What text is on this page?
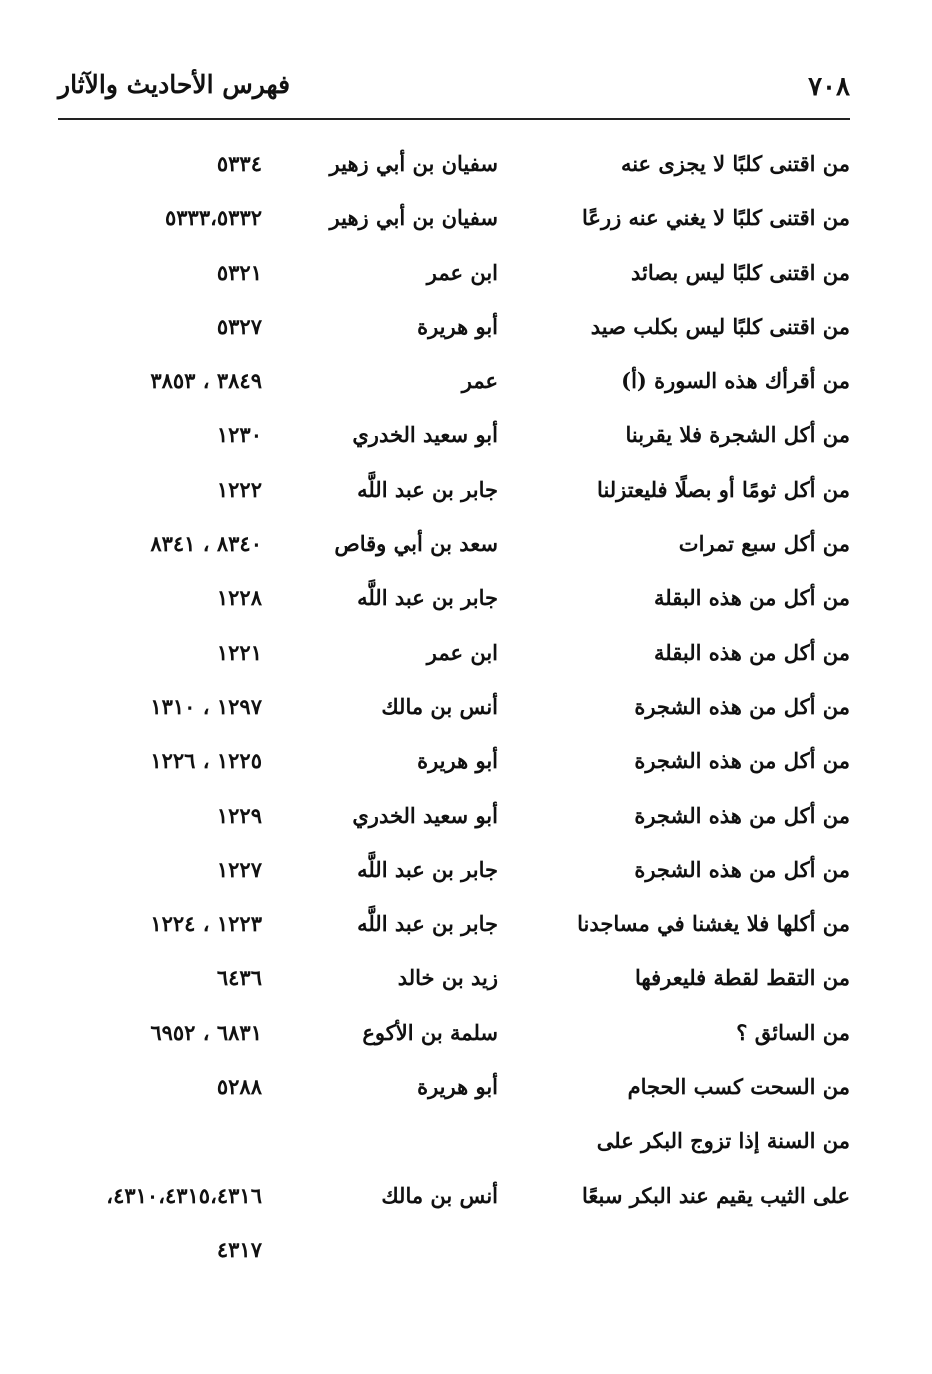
٧٠٨
فهرس الأحاديث والآثار
من اقتنى كلبًا لا يجزى عنه
سفيان بن أبي زهير
٥٣٣٤
من اقتنى كلبًا لا يغني عنه زرعًا
سفيان بن أبي زهير
٥٣٣٣،٥٣٣٢
من اقتنى كلبًا ليس بصائد
ابن عمر
٥٣٢١
من اقتنى كلبًا ليس بكلب صيد
أبو هريرة
٥٣٢٧
من أقرأك هذه السورة (أ)
عمر
٣٨٤٩ ، ٣٨٥٣
من أكل الشجرة فلا يقربنا
أبو سعيد الخدري
١٢٣٠
من أكل ثومًا أو بصلًا فليعتزلنا
جابر بن عبد اللَّه
١٢٢٢
من أكل سبع تمرات
سعد بن أبي وقاص
٨٣٤٠ ، ٨٣٤١
من أكل من هذه البقلة
جابر بن عبد اللَّه
١٢٢٨
من أكل من هذه البقلة
ابن عمر
١٢٢١
من أكل من هذه الشجرة
أنس بن مالك
١٢٩٧ ، ١٣١٠
من أكل من هذه الشجرة
أبو هريرة
١٢٢٥ ، ١٢٢٦
من أكل من هذه الشجرة
أبو سعيد الخدري
١٢٢٩
من أكل من هذه الشجرة
جابر بن عبد اللَّه
١٢٢٧
من أكلها فلا يغشنا في مساجدنا
جابر بن عبد اللَّه
١٢٢٣ ، ١٢٢٤
من التقط لقطة فليعرفها
زيد بن خالد
٦٤٣٦
من السائق ؟
سلمة بن الأكوع
٦٨٣١ ، ٦٩٥٢
من السحت كسب الحجام
أبو هريرة
٥٢٨٨
من السنة إذا تزوج البكر على
على الثيب يقيم عند البكر سبعًا
أنس بن مالك
٤٣١٠،٤٣١٥،٤٣١٦،
٤٣١٧
